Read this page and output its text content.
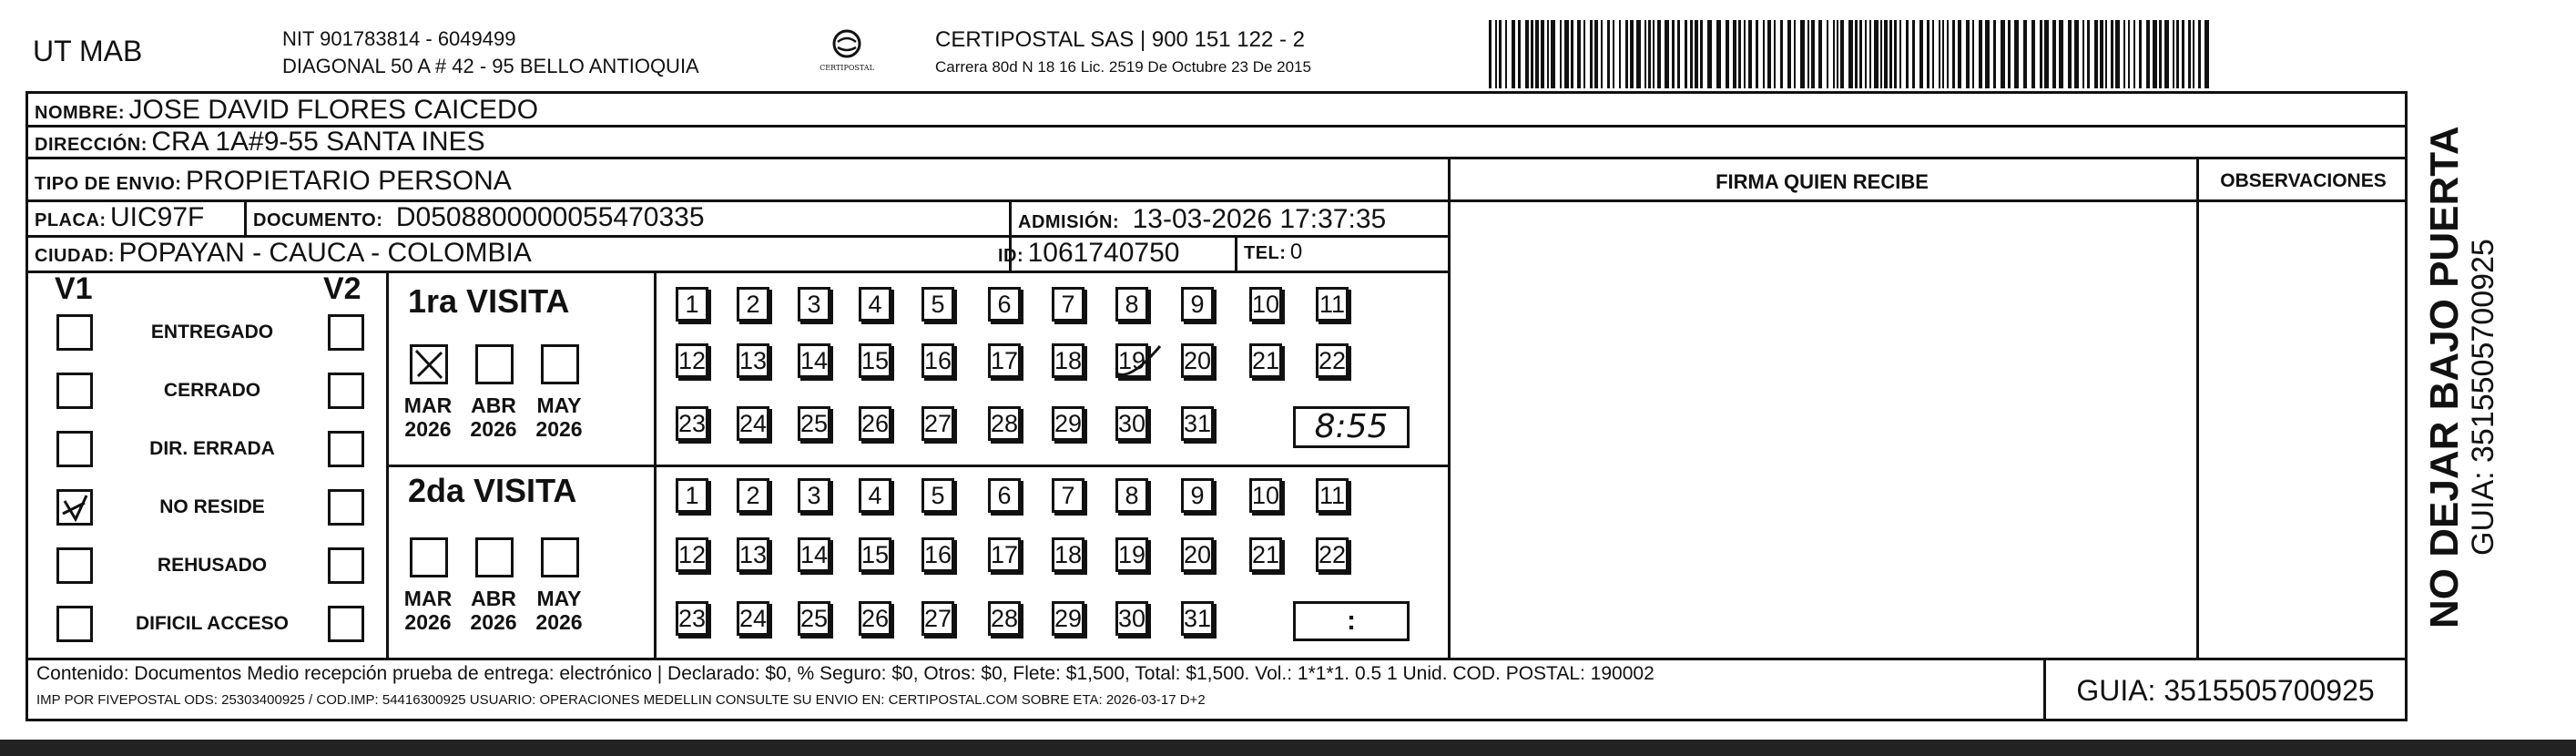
UT MAB	NIT 901783814 - 6049499
DIAGONAL 50 A # 42 - 95 BELLO ANTIOQUIA	CERTIPOSTAL
CERTIPOSTAL SAS | 900 151 122 - 2
Carrera 80d N 18 16 Lic. 2519 De Octubre 23 De 2015
NOMBRE: JOSE DAVID FLORES CAICEDO
DIRECCIÓN: CRA 1A#9-55 SANTA INES
TIPO DE ENVIO: PROPIETARIO PERSONA	FIRMA QUIEN RECIBE	OBSERVACIONES
PLACA: UIC97F	DOCUMENTO: D0508800000055470335	ADMISIÓN: 13-03-2026 17:37:35
CIUDAD: POPAYAN - CAUCA - COLOMBIA	ID: 1061740750	TEL: 0
V1	V2
ENTREGADO
CERRADO
DIR. ERRADA
NO RESIDE
REHUSADO
DIFICIL ACCESO
1ra VISITA
2da VISITA
MAR
2026
ABR
2026
MAY
2026
MAR
2026
ABR
2026
MAY
2026
1	2	3	4	5	6	7	8	9	10 11
12 13 14 15 16 17 18 19 20 21 22
23 24 25 26 27 28 29 30 31
1	2	3	4	5	6	7	8	9	10 11
12 13 14 15 16 17 18 19 20 21 22
23 24 25 26 27 28 29 30 31
8:55
:
Contenido: Documentos Medio recepción prueba de entrega: electrónico | Declarado: $0, % Seguro: $0, Otros: $0, Flete: $1,500, Total: $1,500. Vol.: 1*1*1. 0.5 1 Unid. COD. POSTAL: 190002
IMP POR FIVEPOSTAL ODS: 25303400925 / COD.IMP: 54416300925 USUARIO: OPERACIONES MEDELLIN CONSULTE SU ENVIO EN: CERTIPOSTAL.COM SOBRE ETA: 2026-03-17 D+2	GUIA: 3515505700925
NO DEJAR BAJO PUERTA GUIA: 3515505700925
